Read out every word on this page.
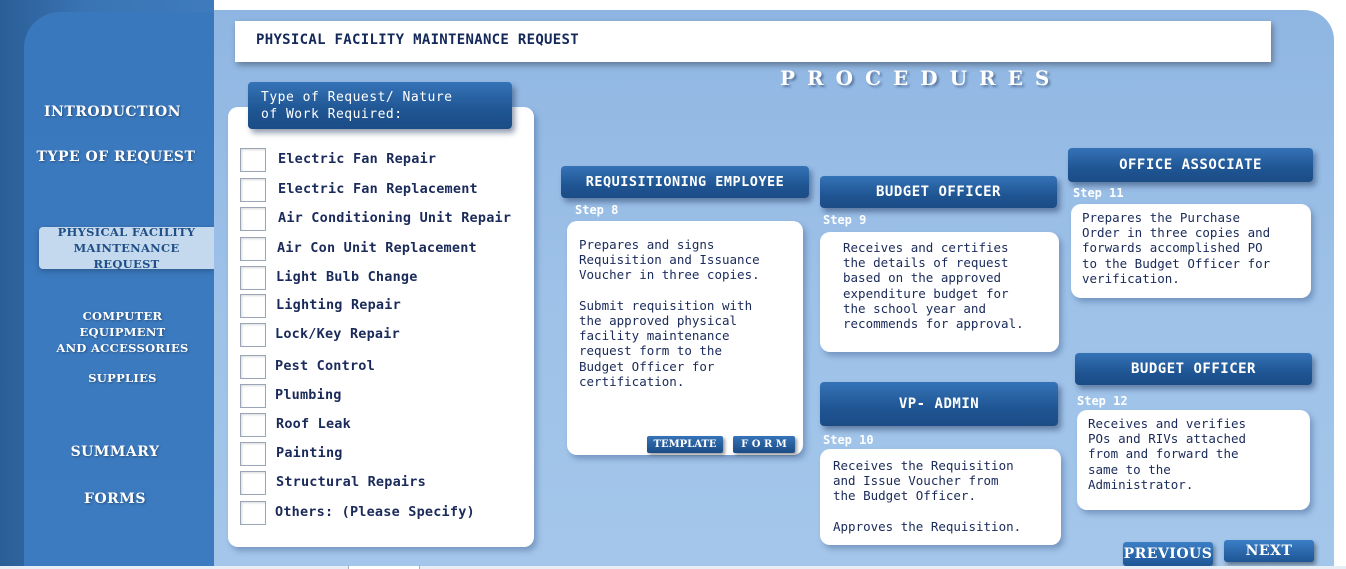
INTRODUCTION
TYPE OF REQUEST
PHYSICAL FACILITY
MAINTENANCE REQUEST
COMPUTER EQUIPMENT
AND ACCESSORIES
SUPPLIES
SUMMARY
FORMS
PHYSICAL FACILITY MAINTENANCE REQUEST
PROCEDURES
Type of Request/ Nature
of Work Required:
Electric Fan Repair
Electric Fan Replacement
Air Conditioning Unit Repair
Air Con Unit Replacement
Light Bulb Change
Lighting Repair
Lock/Key Repair
Pest Control
Plumbing
Roof Leak
Painting
Structural Repairs
Others: (Please Specify)
REQUISITIONING EMPLOYEE
Step 8
Prepares and signs
Requisition and Issuance
Voucher in three copies.

Submit requisition with
the approved physical
facility maintenance
request form to the
Budget Officer for
certification.
TEMPLATE	F O R M
BUDGET OFFICER
Step 9
Receives and certifies
the details of request
based on the approved
expenditure budget for
the school year and
recommends for approval.
VP- ADMIN
Step 10
Receives the Requisition
and Issue Voucher from
the Budget Officer.

Approves the Requisition.
OFFICE ASSOCIATE
Step 11
Prepares the Purchase
Order in three copies and
forwards accomplished PO
to the Budget Officer for
verification.
BUDGET OFFICER
Step 12
Receives and verifies
POs and RIVs attached
from and forward the
same to the
Administrator.
PREVIOUS	NEXT
